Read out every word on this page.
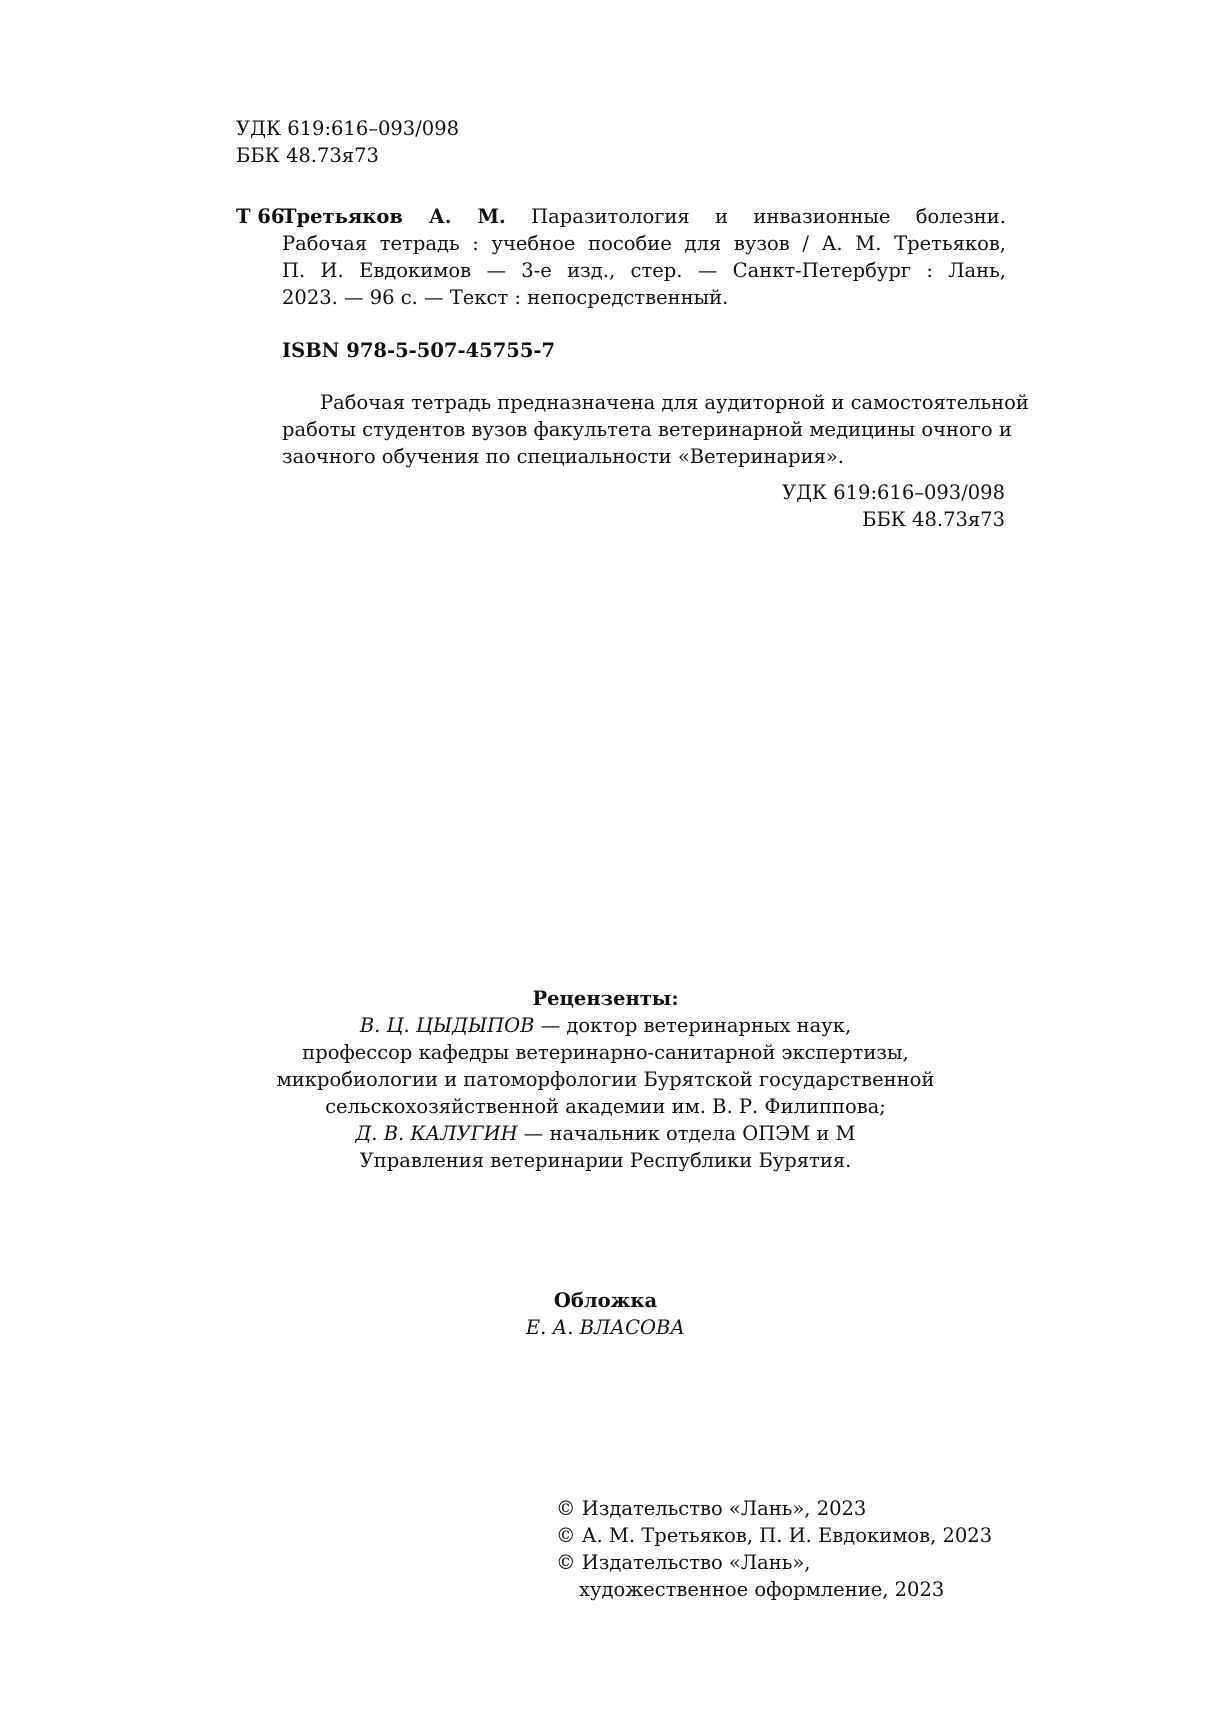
УДК 619:616–093/098
ББК 48.73я73
Т 66
Третьяков А. М. Паразитология и инвазионные болезни.
Рабочая тетрадь : учебное пособие для вузов / А. М. Третьяков,
П. И. Евдокимов — 3-е изд., стер. — Санкт-Петербург : Лань,
2023. — 96 с. — Текст : непосредственный.
ISBN 978-5-507-45755-7
Рабочая тетрадь предназначена для аудиторной и самостоятельной
работы студентов вузов факультета ветеринарной медицины очного и
заочного обучения по специальности «Ветеринария».
УДК 619:616–093/098
ББК 48.73я73
Рецензенты:
В. Ц. ЦЫДЫПОВ — доктор ветеринарных наук,
профессор кафедры ветеринарно-санитарной экспертизы,
микробиологии и патоморфологии Бурятской государственной
сельскохозяйственной академии им. В. Р. Филиппова;
Д. В. КАЛУГИН — начальник отдела ОПЭМ и М
Управления ветеринарии Республики Бурятия.
Обложка
Е. А. ВЛАСОВА
© Издательство «Лань», 2023
© А. М. Третьяков, П. И. Евдокимов, 2023
© Издательство «Лань»,
художественное оформление, 2023
